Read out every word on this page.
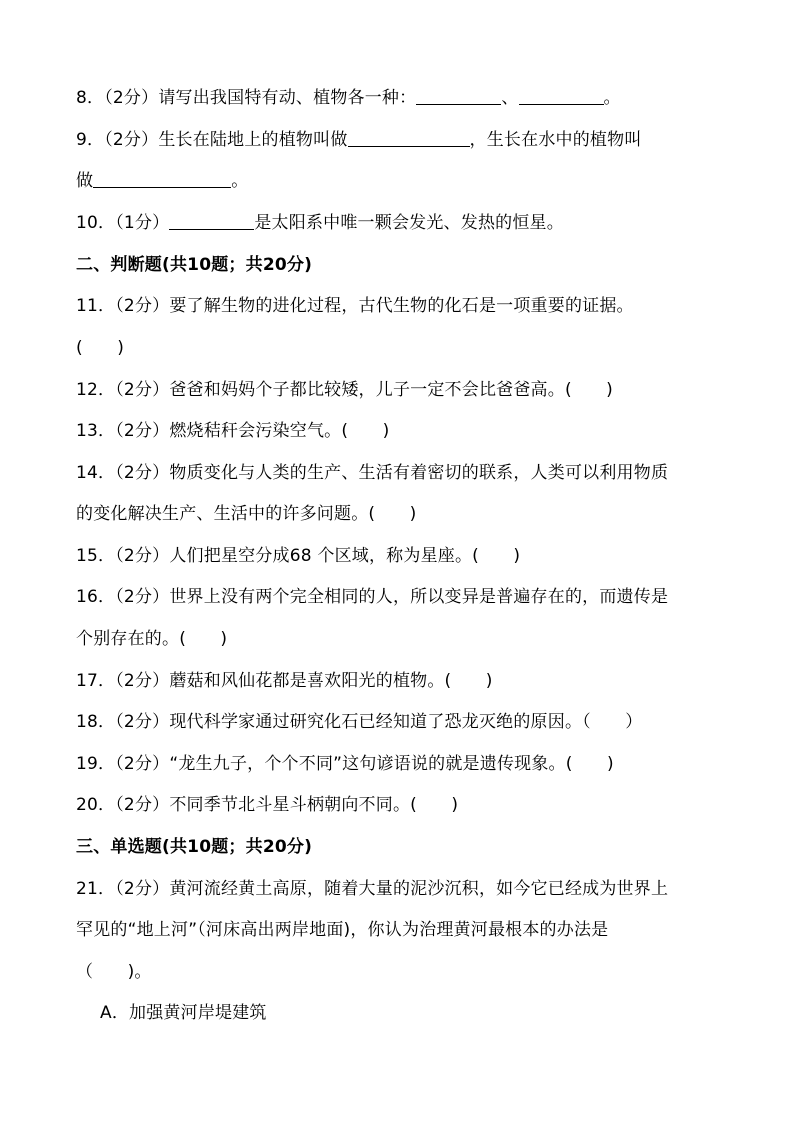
8．（2分）请写出我国特有动、植物各一种：	、	。
9．（2分）生长在陆地上的植物叫做	，生长在水中的植物叫
做	。
10．（1分）	是太阳系中唯一颗会发光、发热的恒星。
二、判断题(共10题；共20分)
11．（2分）要了解生物的进化过程，古代生物的化石是一项重要的证据。
(　　)
12．（2分）爸爸和妈妈个子都比较矮，儿子一定不会比爸爸高。(　　)
13．（2分）燃烧秸秆会污染空气。(　　)
14．（2分）物质变化与人类的生产、生活有着密切的联系，人类可以利用物质
的变化解决生产、生活中的许多问题。(　　)
15．（2分）人们把星空分成68 个区域，称为星座。(　　)
16．（2分）世界上没有两个完全相同的人，所以变异是普遍存在的，而遗传是
个别存在的。(　　)
17．（2分）蘑菇和风仙花都是喜欢阳光的植物。(　　)
18．（2分）现代科学家通过研究化石已经知道了恐龙灭绝的原因。（　　）
19．（2分）“龙生九子，个个不同”这句谚语说的就是遗传现象。(　　)
20．（2分）不同季节北斗星斗柄朝向不同。(　　)
三、单选题(共10题；共20分)
21．（2分）黄河流经黄土高原，随着大量的泥沙沉积，如今它已经成为世界上
罕见的“地上河”（河床高出两岸地面)，你认为治理黄河最根本的办法是
（　　)。
A．加强黄河岸堤建筑
